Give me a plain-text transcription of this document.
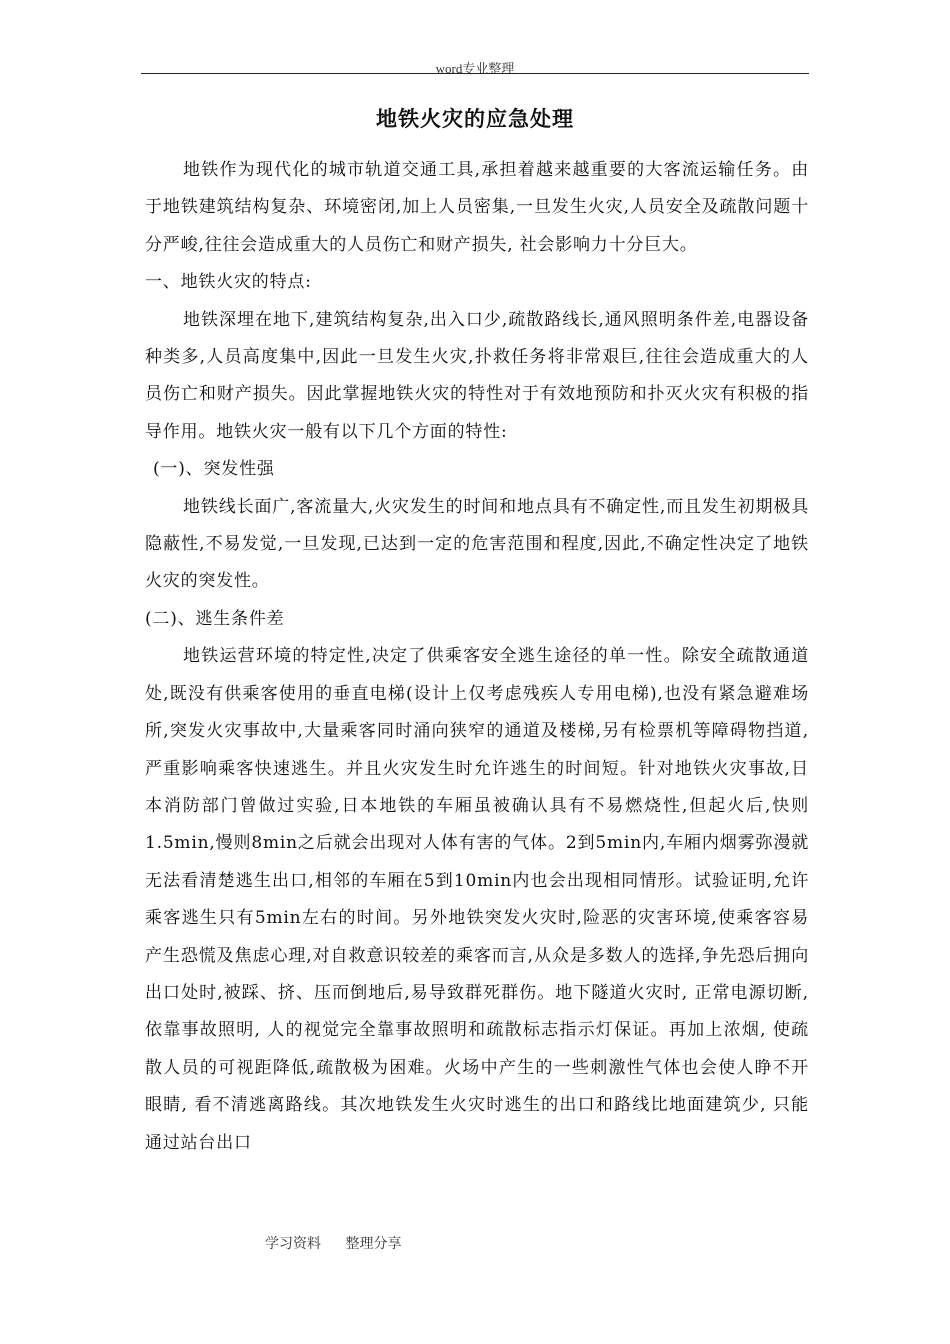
word专业整理
地铁火灾的应急处理

地铁作为现代化的城市轨道交通工具,承担着越来越重要的大客流运输任务。由于地铁建筑结构复杂、环境密闭,加上人员密集,一旦发生火灾,人员安全及疏散问题十分严峻,往往会造成重大的人员伤亡和财产损失, 社会影响力十分巨大。

一、地铁火灾的特点:

地铁深埋在地下,建筑结构复杂,出入口少,疏散路线长,通风照明条件差,电器设备种类多,人员高度集中,因此一旦发生火灾,扑救任务将非常艰巨,往往会造成重大的人员伤亡和财产损失。因此掌握地铁火灾的特性对于有效地预防和扑灭火灾有积极的指导作用。地铁火灾一般有以下几个方面的特性:

(一)、突发性强

地铁线长面广,客流量大,火灾发生的时间和地点具有不确定性,而且发生初期极具隐蔽性,不易发觉,一旦发现,已达到一定的危害范围和程度,因此,不确定性决定了地铁火灾的突发性。

(二)、逃生条件差

地铁运营环境的特定性,决定了供乘客安全逃生途径的单一性。除安全疏散通道处,既没有供乘客使用的垂直电梯(设计上仅考虑残疾人专用电梯),也没有紧急避难场所,突发火灾事故中,大量乘客同时涌向狭窄的通道及楼梯,另有检票机等障碍物挡道,严重影响乘客快速逃生。并且火灾发生时允许逃生的时间短。针对地铁火灾事故,日本消防部门曾做过实验,日本地铁的车厢虽被确认具有不易燃烧性,但起火后,快则1.5min,慢则8min之后就会出现对人体有害的气体。2到5min内,车厢内烟雾弥漫就无法看清楚逃生出口,相邻的车厢在5到10min内也会出现相同情形。试验证明,允许乘客逃生只有5min左右的时间。另外地铁突发火灾时,险恶的灾害环境,使乘客容易产生恐慌及焦虑心理,对自救意识较差的乘客而言,从众是多数人的选择,争先恐后拥向出口处时,被踩、挤、压而倒地后,易导致群死群伤。地下隧道火灾时, 正常电源切断, 依靠事故照明, 人的视觉完全靠事故照明和疏散标志指示灯保证。再加上浓烟, 使疏散人员的可视距降低,疏散极为困难。火场中产生的一些刺激性气体也会使人睁不开眼睛, 看不清逃离路线。其次地铁发生火灾时逃生的出口和路线比地面建筑少, 只能通过站台出口

学习资料 整理分享
